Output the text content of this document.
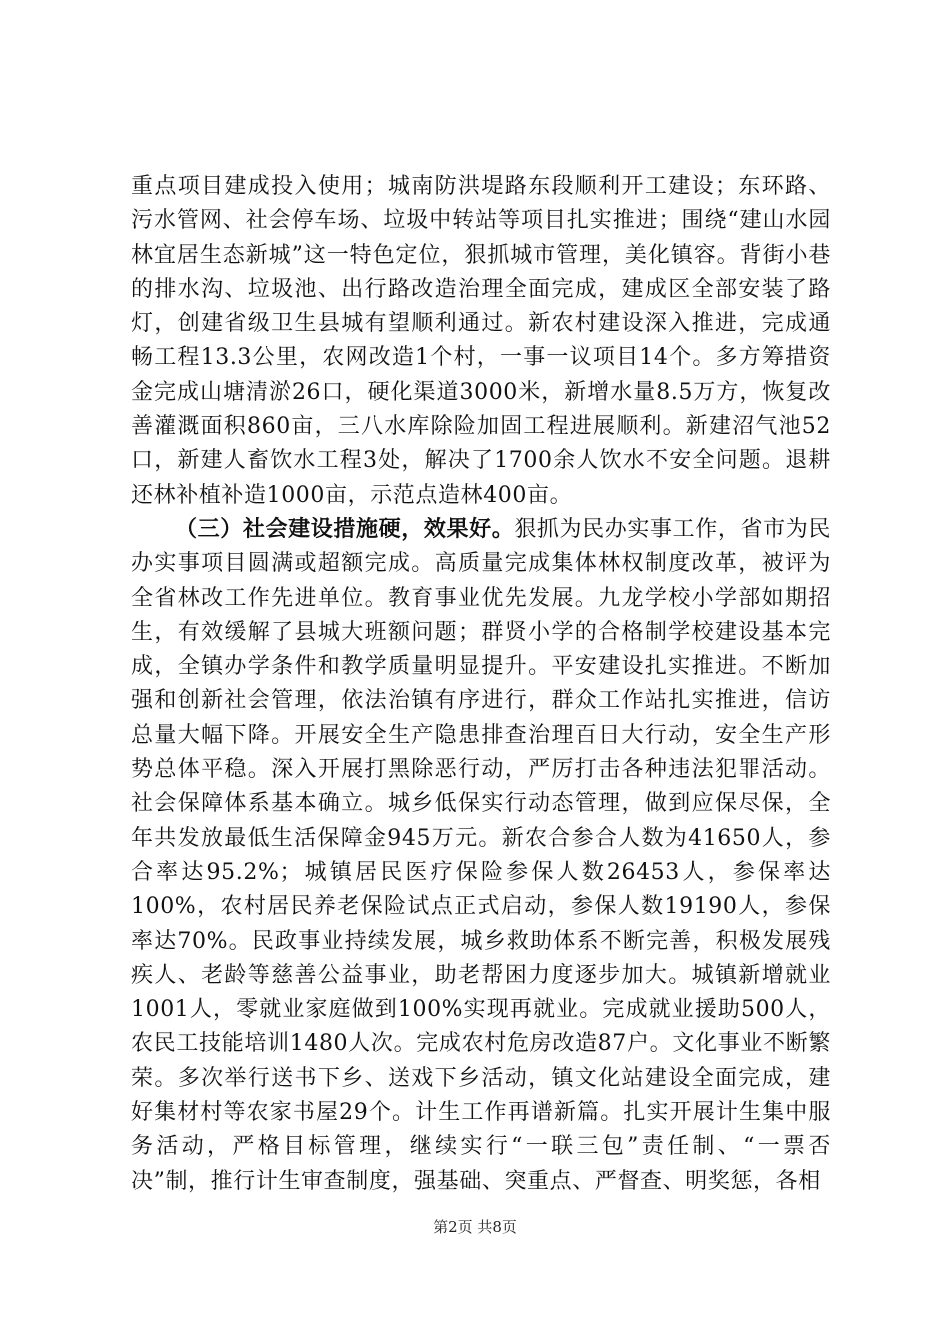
重点项目建成投入使用；城南防洪堤路东段顺利开工建设；东环路、污水管网、社会停车场、垃圾中转站等项目扎实推进；围绕“建山水园林宜居生态新城”这一特色定位，狠抓城市管理，美化镇容。背街小巷的排水沟、垃圾池、出行路改造治理全面完成，建成区全部安装了路灯，创建省级卫生县城有望顺利通过。新农村建设深入推进，完成通畅工程13.3公里，农网改造1个村，一事一议项目14个。多方筹措资金完成山塘清淤26口，硬化渠道3000米，新增水量8.5万方，恢复改善灌溉面积860亩，三八水库除险加固工程进展顺利。新建沼气池52口，新建人畜饮水工程3处，解决了1700余人饮水不安全问题。退耕还林补植补造1000亩，示范点造林400亩。

（三）社会建设措施硬，效果好。狠抓为民办实事工作，省市为民办实事项目圆满或超额完成。高质量完成集体林权制度改革，被评为全省林改工作先进单位。教育事业优先发展。九龙学校小学部如期招生，有效缓解了县城大班额问题；群贤小学的合格制学校建设基本完成，全镇办学条件和教学质量明显提升。平安建设扎实推进。不断加强和创新社会管理，依法治镇有序进行，群众工作站扎实推进，信访总量大幅下降。开展安全生产隐患排查治理百日大行动，安全生产形势总体平稳。深入开展打黑除恶行动，严厉打击各种违法犯罪活动。社会保障体系基本确立。城乡低保实行动态管理，做到应保尽保，全年共发放最低生活保障金945万元。新农合参合人数为41650人，参合率达95.2%；城镇居民医疗保险参保人数26453人，参保率达100%，农村居民养老保险试点正式启动，参保人数19190人，参保率达70%。民政事业持续发展，城乡救助体系不断完善，积极发展残疾人、老龄等慈善公益事业，助老帮困力度逐步加大。城镇新增就业1001人，零就业家庭做到100%实现再就业。完成就业援助500人，农民工技能培训1480人次。完成农村危房改造87户。文化事业不断繁荣。多次举行送书下乡、送戏下乡活动，镇文化站建设全面完成，建好集材村等农家书屋29个。计生工作再谱新篇。扎实开展计生集中服务活动，严格目标管理，继续实行“一联三包”责任制、“一票否决”制，推行计生审查制度，强基础、突重点、严督查、明奖惩，各相

第2页 共8页
